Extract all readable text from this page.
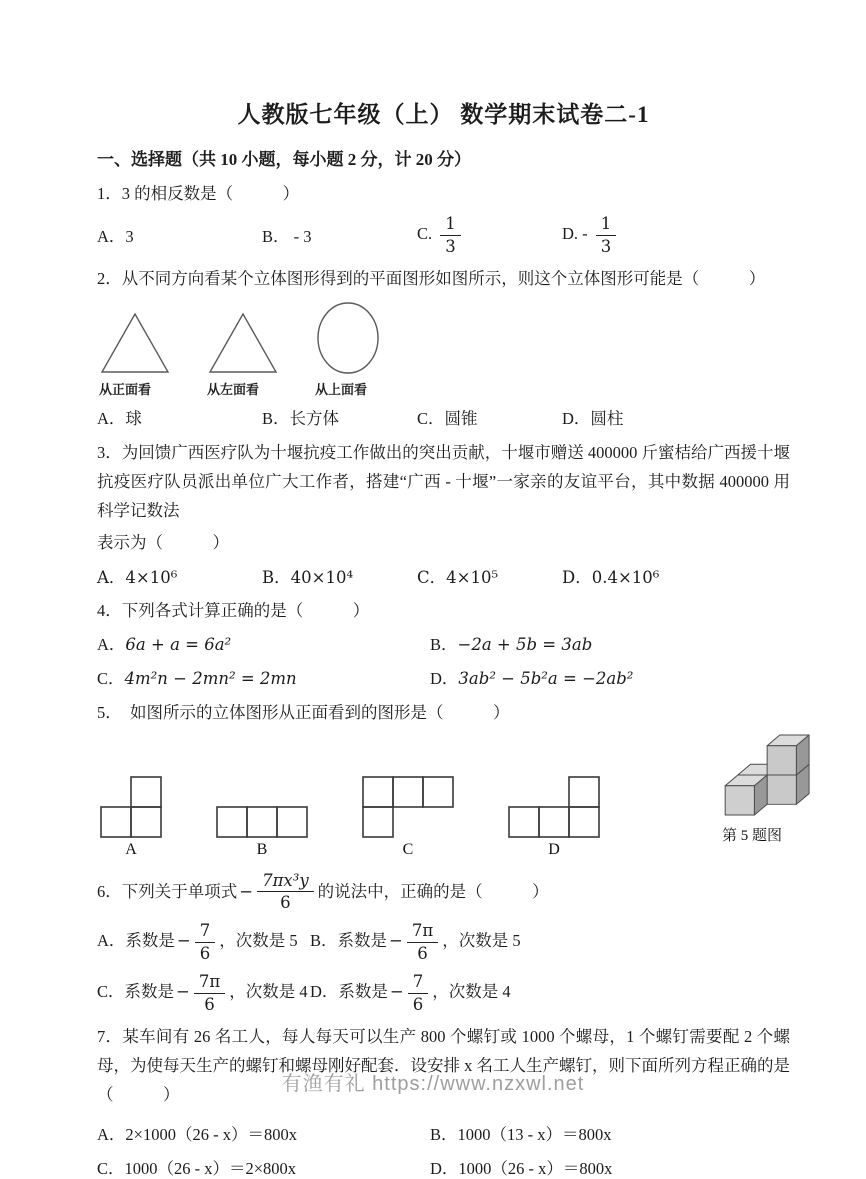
人教版七年级（上） 数学期末试卷二-1
一、选择题（共 10 小题，每小题 2 分，计 20 分）

1．3 的相反数是（　　　）

A．3	B． - 3	C. $\frac{1}{3}$	D. - $\frac{1}{3}$

2．从不同方向看某个立体图形得到的平面图形如图所示，则这个立体图形可能是（　　　）

从正面看	从左面看	从上面看
A．球	B．长方体	C．圆锥	D．圆柱

3．为回馈广西医疗队为十堰抗疫工作做出的突出贡献，十堰市赠送 400000 斤蜜桔给广西援十堰抗疫医疗队员派出单位广大工作者，搭建“广西 - 十堰”一家亲的友谊平台，其中数据 400000 用科学记数法

表示为（　　　）

A．4×10⁶	B．40×10⁴	C．4×10⁵	D．0.4×10⁶

4．下列各式计算正确的是（　　　）

A．6a + a = 6a²	B．−2a + 5b = 3ab
C．4m²n − 2mn² = 2mn	D．3ab² − 5b²a = −2ab²

5．　如图所示的立体图形从正面看到的图形是（　　　）

A	B	C	D
第 5 题图
6．下列关于单项式 − $\frac{\text{7πx³y}}{6}$ 的说法中，正确的是（　　　）
A．系数是 − $\frac{7}{6}$ ，次数是 5 B．系数是 − $\frac{7\pi}{6}$ ，次数是 5
C．系数是 − $\frac{7\pi}{6}$ ，次数是 4 D．系数是 − $\frac{7}{6}$ ，次数是 4

7．某车间有 26 名工人，每人每天可以生产 800 个螺钉或 1000 个螺母，1 个螺钉需要配 2 个螺母，为使每天生产的螺钉和螺母刚好配套．设安排 x 名工人生产螺钉，则下面所列方程正确的是（　　　）

A．2×1000（26 - x）＝800x	B．1000（13 - x）＝800x
C．1000（26 - x）＝2×800x	D．1000（26 - x）＝800x
有渔有礼 https://www.nzxwl.net
